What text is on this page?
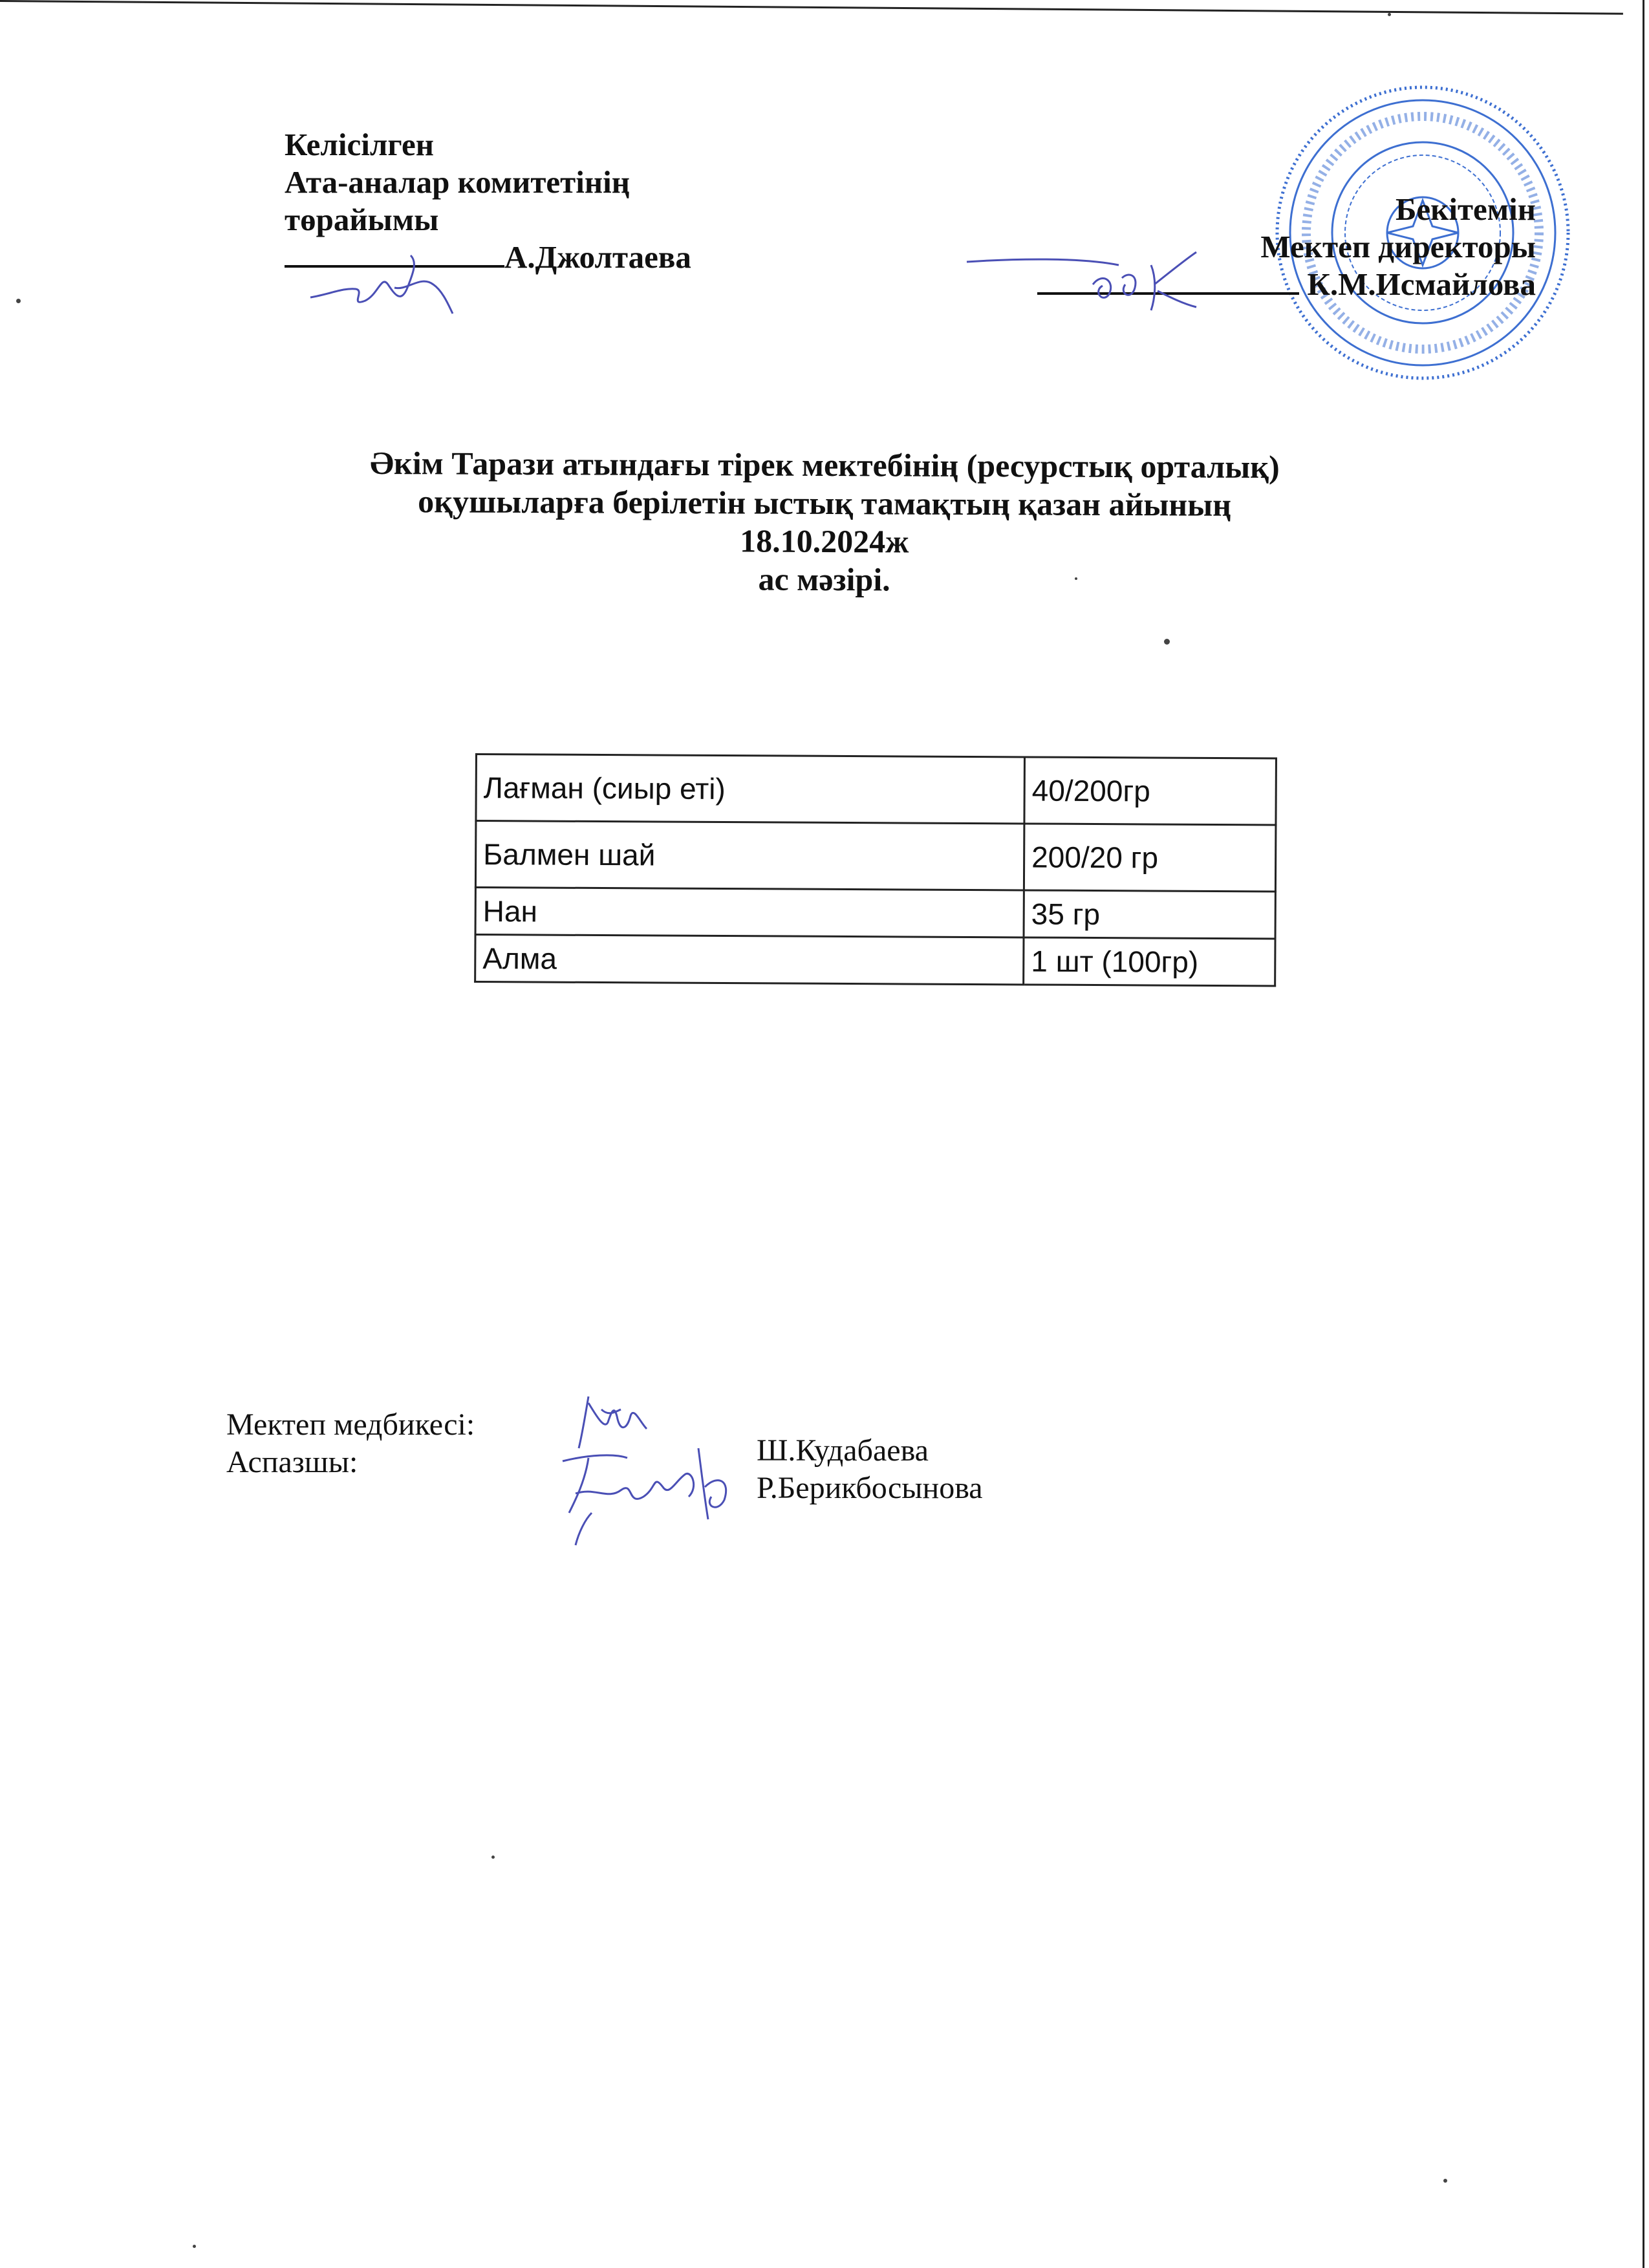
Келісілген
Ата-аналар комитетінің
төрайымы
А.Джолтаева
Бекітемін
Мектеп директоры
К.М.Исмайлова
Әкім Тарази атындағы тірек мектебінің (ресурстық орталық)
оқушыларға берілетін ыстық тамақтың қазан айының
18.10.2024ж
ас мәзірі.
Лағман (сиыр еті)	40/200гр
Балмен шай	200/20 гр
Нан	35 гр
Алма	1 шт (100гр)
Мектеп медбикесі:
Аспазшы:	Ш.Кудабаева
Р.Берикбосынова
